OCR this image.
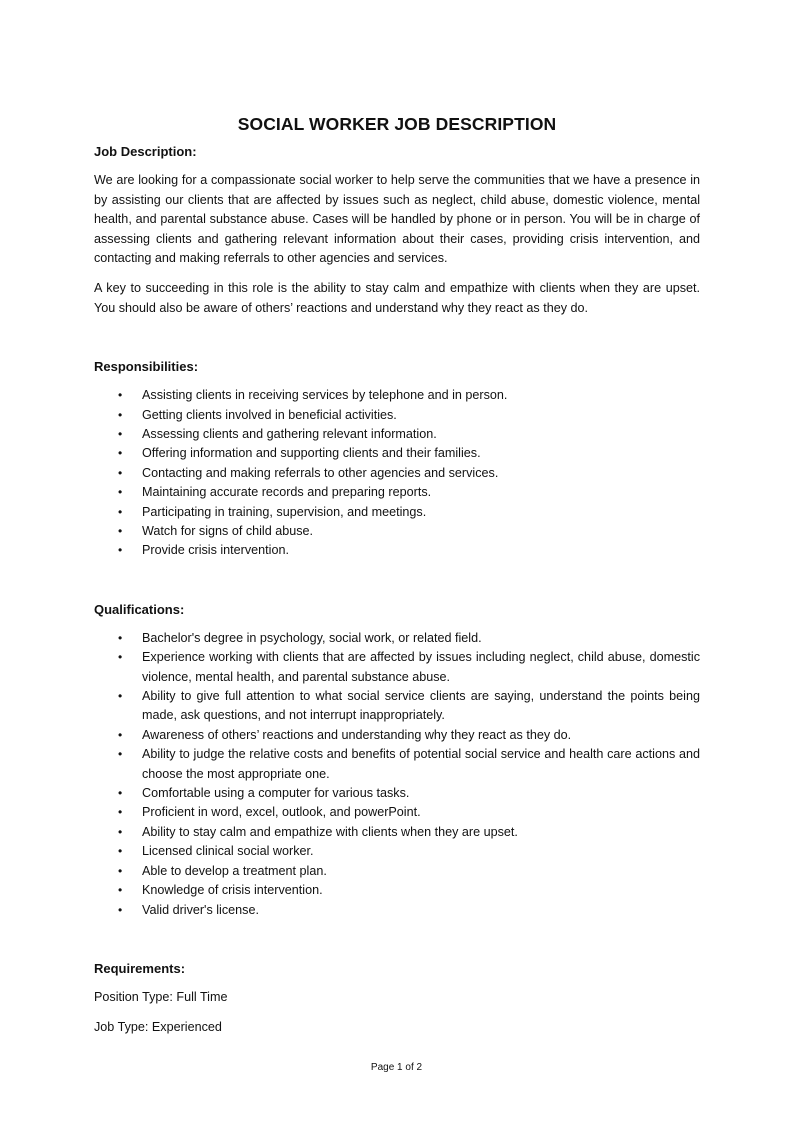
SOCIAL WORKER JOB DESCRIPTION

Job Description:

We are looking for a compassionate social worker to help serve the communities that we have a presence in by assisting our clients that are affected by issues such as neglect, child abuse, domestic violence, mental health, and parental substance abuse. Cases will be handled by phone or in person. You will be in charge of assessing clients and gathering relevant information about their cases, providing crisis intervention, and contacting and making referrals to other agencies and services.

A key to succeeding in this role is the ability to stay calm and empathize with clients when they are upset. You should also be aware of others’ reactions and understand why they react as they do.

Responsibilities:

• Assisting clients in receiving services by telephone and in person.
• Getting clients involved in beneficial activities.
• Assessing clients and gathering relevant information.
• Offering information and supporting clients and their families.
• Contacting and making referrals to other agencies and services.
• Maintaining accurate records and preparing reports.
• Participating in training, supervision, and meetings.
• Watch for signs of child abuse.
• Provide crisis intervention.

Qualifications:

• Bachelor's degree in psychology, social work, or related field.
• Experience working with clients that are affected by issues including neglect, child abuse, domestic violence, mental health, and parental substance abuse.
• Ability to give full attention to what social service clients are saying, understand the points being made, ask questions, and not interrupt inappropriately.
• Awareness of others’ reactions and understanding why they react as they do.
• Ability to judge the relative costs and benefits of potential social service and health care actions and choose the most appropriate one.
• Comfortable using a computer for various tasks.
• Proficient in word, excel, outlook, and powerPoint.
• Ability to stay calm and empathize with clients when they are upset.
• Licensed clinical social worker.
• Able to develop a treatment plan.
• Knowledge of crisis intervention.
• Valid driver's license.

Requirements:

Position Type: Full Time

Job Type: Experienced

Page 1 of 2
